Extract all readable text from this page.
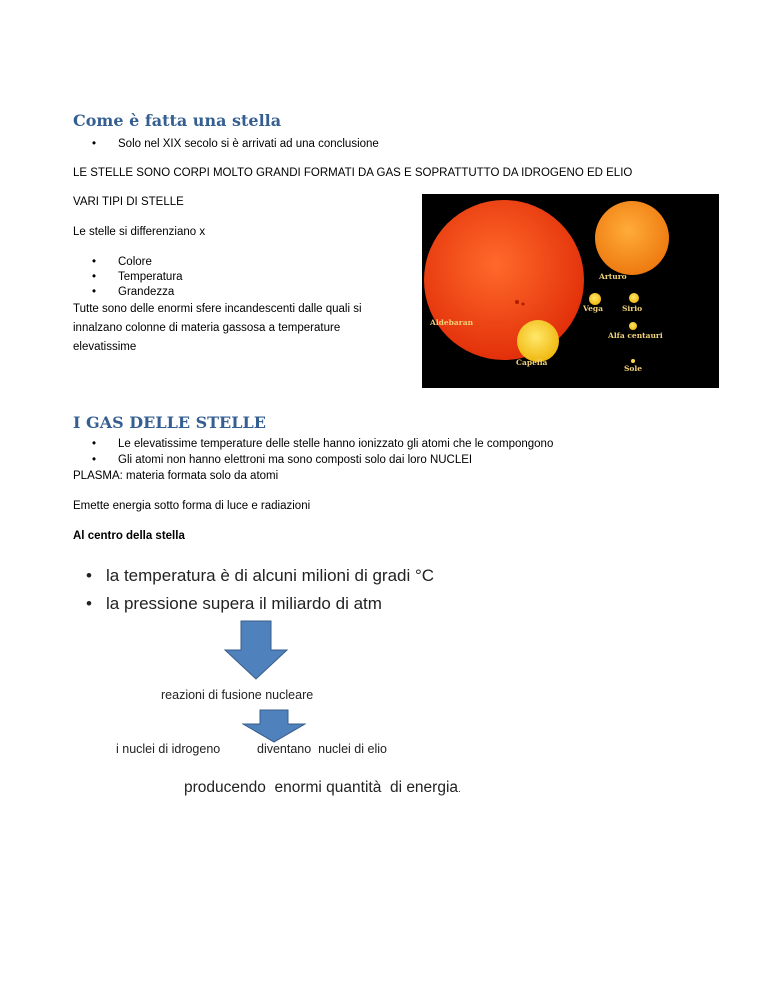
Come è fatta una stella
• Solo nel XIX secolo si è arrivati ad una conclusione
LE STELLE SONO CORPI MOLTO GRANDI FORMATI DA GAS E SOPRATTUTTO DA IDROGENO ED ELIO
VARI TIPI DI STELLE
Le stelle si differenziano x
• Colore
• Temperatura
• Grandezza
Tutte sono delle enormi sfere incandescenti dalle quali si
innalzano colonne di materia gassosa a temperature
elevatissime
Aldebaran
Arturo
Vega	Sirio
Alfa centauri
Capella
Sole
I GAS DELLE STELLE
• Le elevatissime temperature delle stelle hanno ionizzato gli atomi che le compongono
• Gli atomi non hanno elettroni ma sono composti solo dai loro NUCLEI
PLASMA: materia formata solo da atomi
Emette energia sotto forma di luce e radiazioni
Al centro della stella
• la temperatura è di alcuni milioni di gradi °C
• la pressione supera il miliardo di atm
reazioni di fusione nucleare
i nuclei di idrogeno	diventano  nuclei di elio
producendo  enormi quantità  di energia.
